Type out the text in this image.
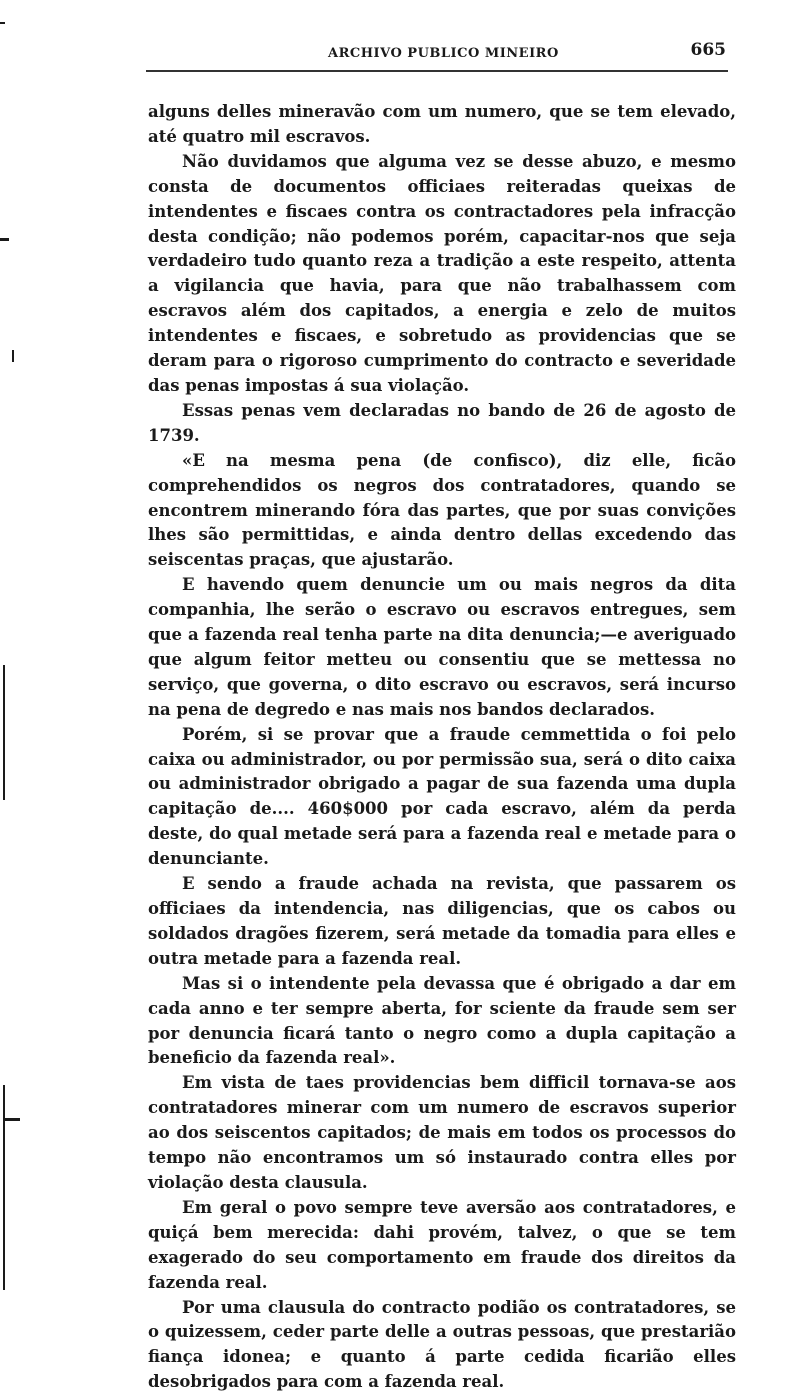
ARCHIVO PUBLICO MINEIRO	665

alguns delles mineravão com um numero, que se tem elevado, até quatro mil escravos.

Não duvidamos que alguma vez se desse abuzo, e mesmo consta de documentos officiaes reiteradas queixas de intendentes e fiscaes contra os contractadores pela infracção desta condição; não podemos porém, capacitar-nos que seja verdadeiro tudo quanto reza a tradição a este respeito, attenta a vigilancia que havia, para que não trabalhassem com escravos além dos capitados, a energia e zelo de muitos intendentes e fiscaes, e sobretudo as providencias que se deram para o rigoroso cumprimento do contracto e severidade das penas impostas á sua violação.

Essas penas vem declaradas no bando de 26 de agosto de 1739.

«E na mesma pena (de confisco), diz elle, ficão comprehendidos os negros dos contratadores, quando se encontrem minerando fóra das partes, que por suas convições lhes são permittidas, e ainda dentro dellas excedendo das seiscentas praças, que ajustarão.

E havendo quem denuncie um ou mais negros da dita companhia, lhe serão o escravo ou escravos entregues, sem que a fazenda real tenha parte na dita denuncia;—e averiguado que algum feitor metteu ou consentiu que se mettessa no serviço, que governa, o dito escravo ou escravos, será incurso na pena de degredo e nas mais nos bandos declarados.

Porém, si se provar que a fraude cemmettida o foi pelo caixa ou administrador, ou por permissão sua, será o dito caixa ou administrador obrigado a pagar de sua fazenda uma dupla capitação de.... 460$000 por cada escravo, além da perda deste, do qual metade será para a fazenda real e metade para o denunciante.

E sendo a fraude achada na revista, que passarem os officiaes da intendencia, nas diligencias, que os cabos ou soldados dragões fizerem, será metade da tomadia para elles e outra metade para a fazenda real.

Mas si o intendente pela devassa que é obrigado a dar em cada anno e ter sempre aberta, for sciente da fraude sem ser por denuncia ficará tanto o negro como a dupla capitação a beneficio da fazenda real».

Em vista de taes providencias bem difficil tornava-se aos contratadores minerar com um numero de escravos superior ao dos seiscentos capitados; de mais em todos os processos do tempo não encontramos um só instaurado contra elles por violação desta clausula.

Em geral o povo sempre teve aversão aos contratadores, e quiçá bem merecida: dahi provém, talvez, o que se tem exagerado do seu comportamento em fraude dos direitos da fazenda real.

Por uma clausula do contracto podião os contratadores, se o quizessem, ceder parte delle a outras pessoas, que prestarião fiança idonea; e quanto á parte cedida ficarião elles desobrigados para com a fazenda real.
